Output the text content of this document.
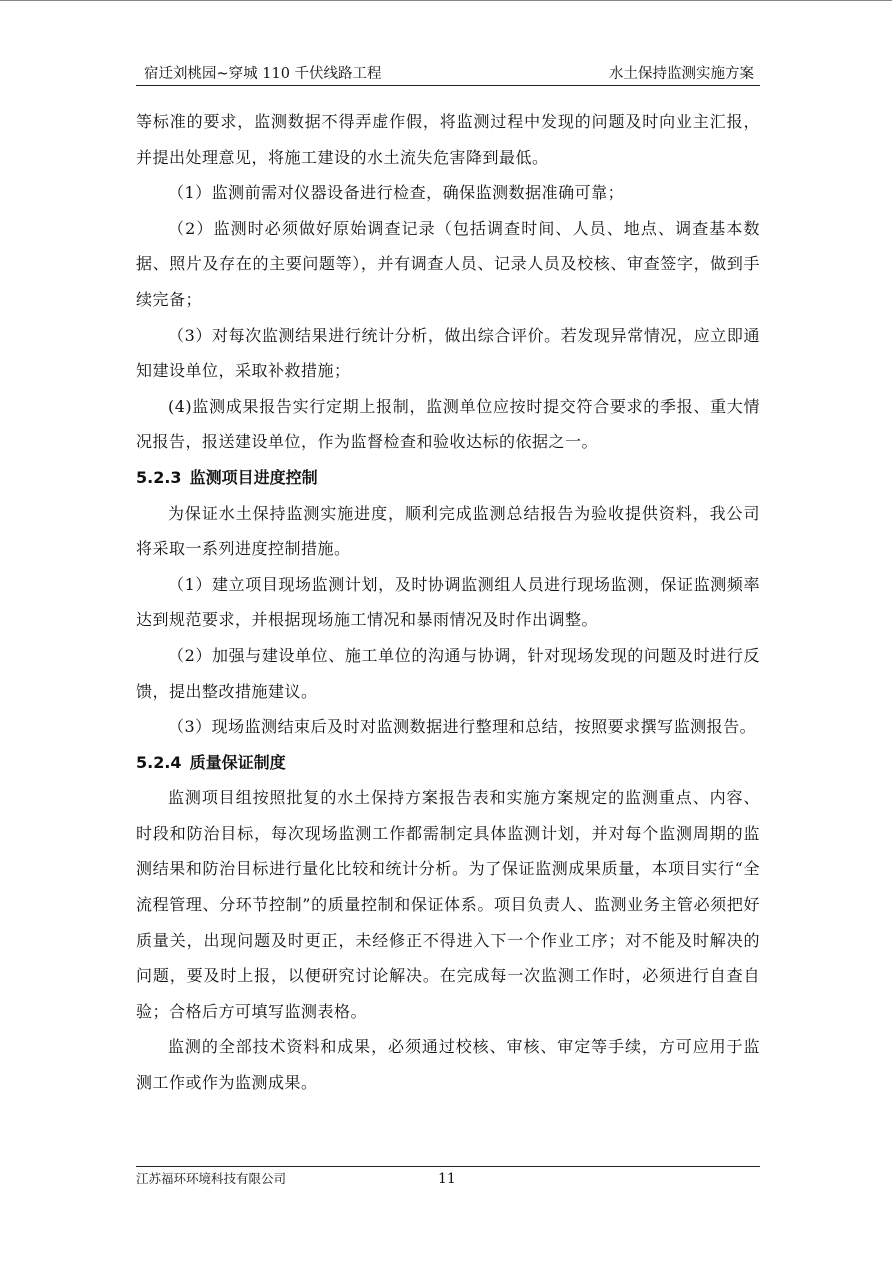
宿迁刘桃园~穿城 110 千伏线路工程	水土保持监测实施方案

等标准的要求，监测数据不得弄虚作假，将监测过程中发现的问题及时向业主汇报，并提出处理意见，将施工建设的水土流失危害降到最低。

（1）监测前需对仪器设备进行检查，确保监测数据准确可靠；

（2）监测时必须做好原始调查记录（包括调查时间、人员、地点、调查基本数据、照片及存在的主要问题等），并有调查人员、记录人员及校核、审查签字，做到手续完备；

（3）对每次监测结果进行统计分析，做出综合评价。若发现异常情况，应立即通知建设单位，采取补救措施；

(4)监测成果报告实行定期上报制，监测单位应按时提交符合要求的季报、重大情况报告，报送建设单位，作为监督检查和验收达标的依据之一。

5.2.3 监测项目进度控制

为保证水土保持监测实施进度，顺利完成监测总结报告为验收提供资料，我公司将采取一系列进度控制措施。

（1）建立项目现场监测计划，及时协调监测组人员进行现场监测，保证监测频率达到规范要求，并根据现场施工情况和暴雨情况及时作出调整。

（2）加强与建设单位、施工单位的沟通与协调，针对现场发现的问题及时进行反馈，提出整改措施建议。

（3）现场监测结束后及时对监测数据进行整理和总结，按照要求撰写监测报告。

5.2.4 质量保证制度

监测项目组按照批复的水土保持方案报告表和实施方案规定的监测重点、内容、时段和防治目标，每次现场监测工作都需制定具体监测计划，并对每个监测周期的监测结果和防治目标进行量化比较和统计分析。为了保证监测成果质量，本项目实行“全流程管理、分环节控制”的质量控制和保证体系。项目负责人、监测业务主管必须把好质量关，出现问题及时更正，未经修正不得进入下一个作业工序；对不能及时解决的问题，要及时上报，以便研究讨论解决。在完成每一次监测工作时，必须进行自查自验；合格后方可填写监测表格。

监测的全部技术资料和成果，必须通过校核、审核、审定等手续，方可应用于监测工作或作为监测成果。

江苏福环环境科技有限公司	11
